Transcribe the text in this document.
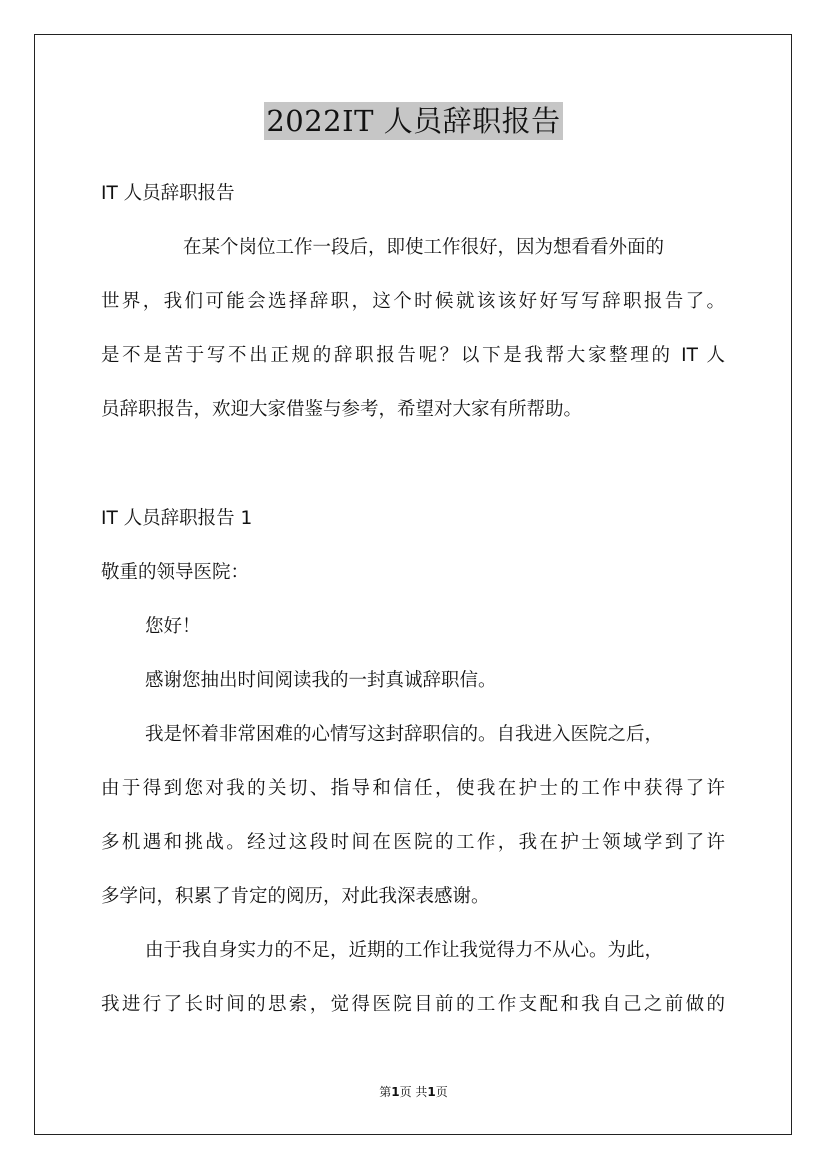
2022IT 人员辞职报告
IT 人员辞职报告
在某个岗位工作一段后，即使工作很好，因为想看看外面的
世界，我们可能会选择辞职，这个时候就该该好好写写辞职报告了。
是不是苦于写不出正规的辞职报告呢？以下是我帮大家整理的 IT 人
员辞职报告，欢迎大家借鉴与参考，希望对大家有所帮助。
IT 人员辞职报告 1
敬重的领导医院：
您好！
感谢您抽出时间阅读我的一封真诚辞职信。
我是怀着非常困难的心情写这封辞职信的。自我进入医院之后，
由于得到您对我的关切、指导和信任，使我在护士的工作中获得了许
多机遇和挑战。经过这段时间在医院的工作，我在护士领域学到了许
多学问，积累了肯定的阅历，对此我深表感谢。
由于我自身实力的不足，近期的工作让我觉得力不从心。为此，
我进行了长时间的思索，觉得医院目前的工作支配和我自己之前做的
第1页 共1页
